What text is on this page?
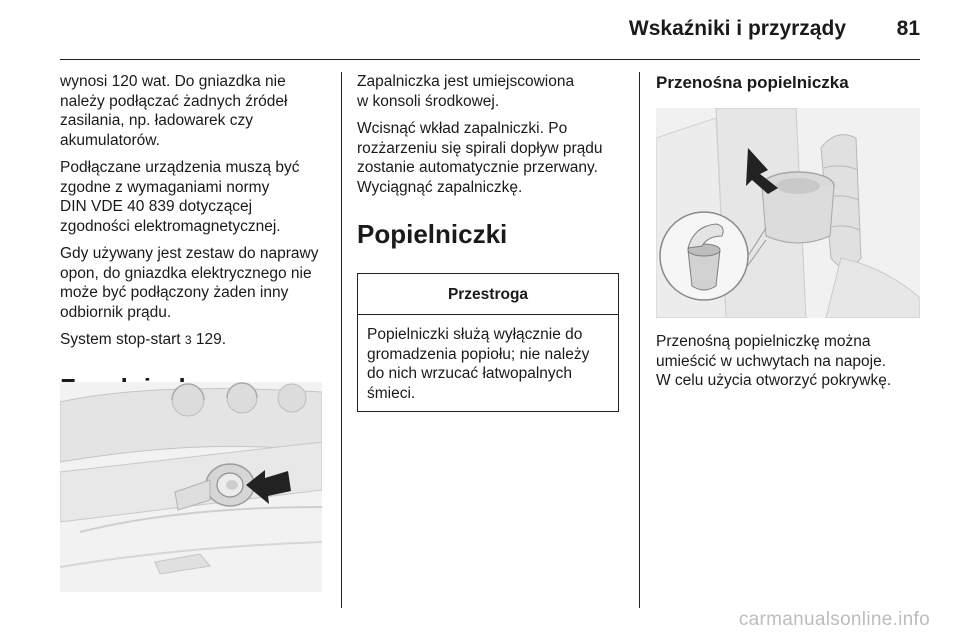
Wskaźniki i przyrządy	81

wynosi 120 wat. Do gniazdka nie
należy podłączać żadnych źródeł
zasilania, np. ładowarek czy
akumulatorów.

Podłączane urządzenia muszą być
zgodne z wymaganiami normy
DIN VDE 40 839 dotyczącej
zgodności elektromagnetycznej.

Gdy używany jest zestaw do naprawy
opon, do gniazdka elektrycznego nie
może być podłączony żaden inny
odbiornik prądu.

System stop-start 3 129.

Zapalniczka jest umiejscowiona
w konsoli środkowej.

Wcisnąć wkład zapalniczki. Po
rozżarzeniu się spirali dopływ prądu
zostanie automatycznie przerwany.
Wyciągnąć zapalniczkę.

Popielniczki
Przestroga
Popielniczki służą wyłącznie do
gromadzenia popiołu; nie należy
do nich wrzucać łatwopalnych
śmieci.
Przenośna popielniczka

Przenośną popielniczkę można
umieścić w uchwytach na napoje.
W celu użycia otworzyć pokrywkę.

carmanualsonline.info
